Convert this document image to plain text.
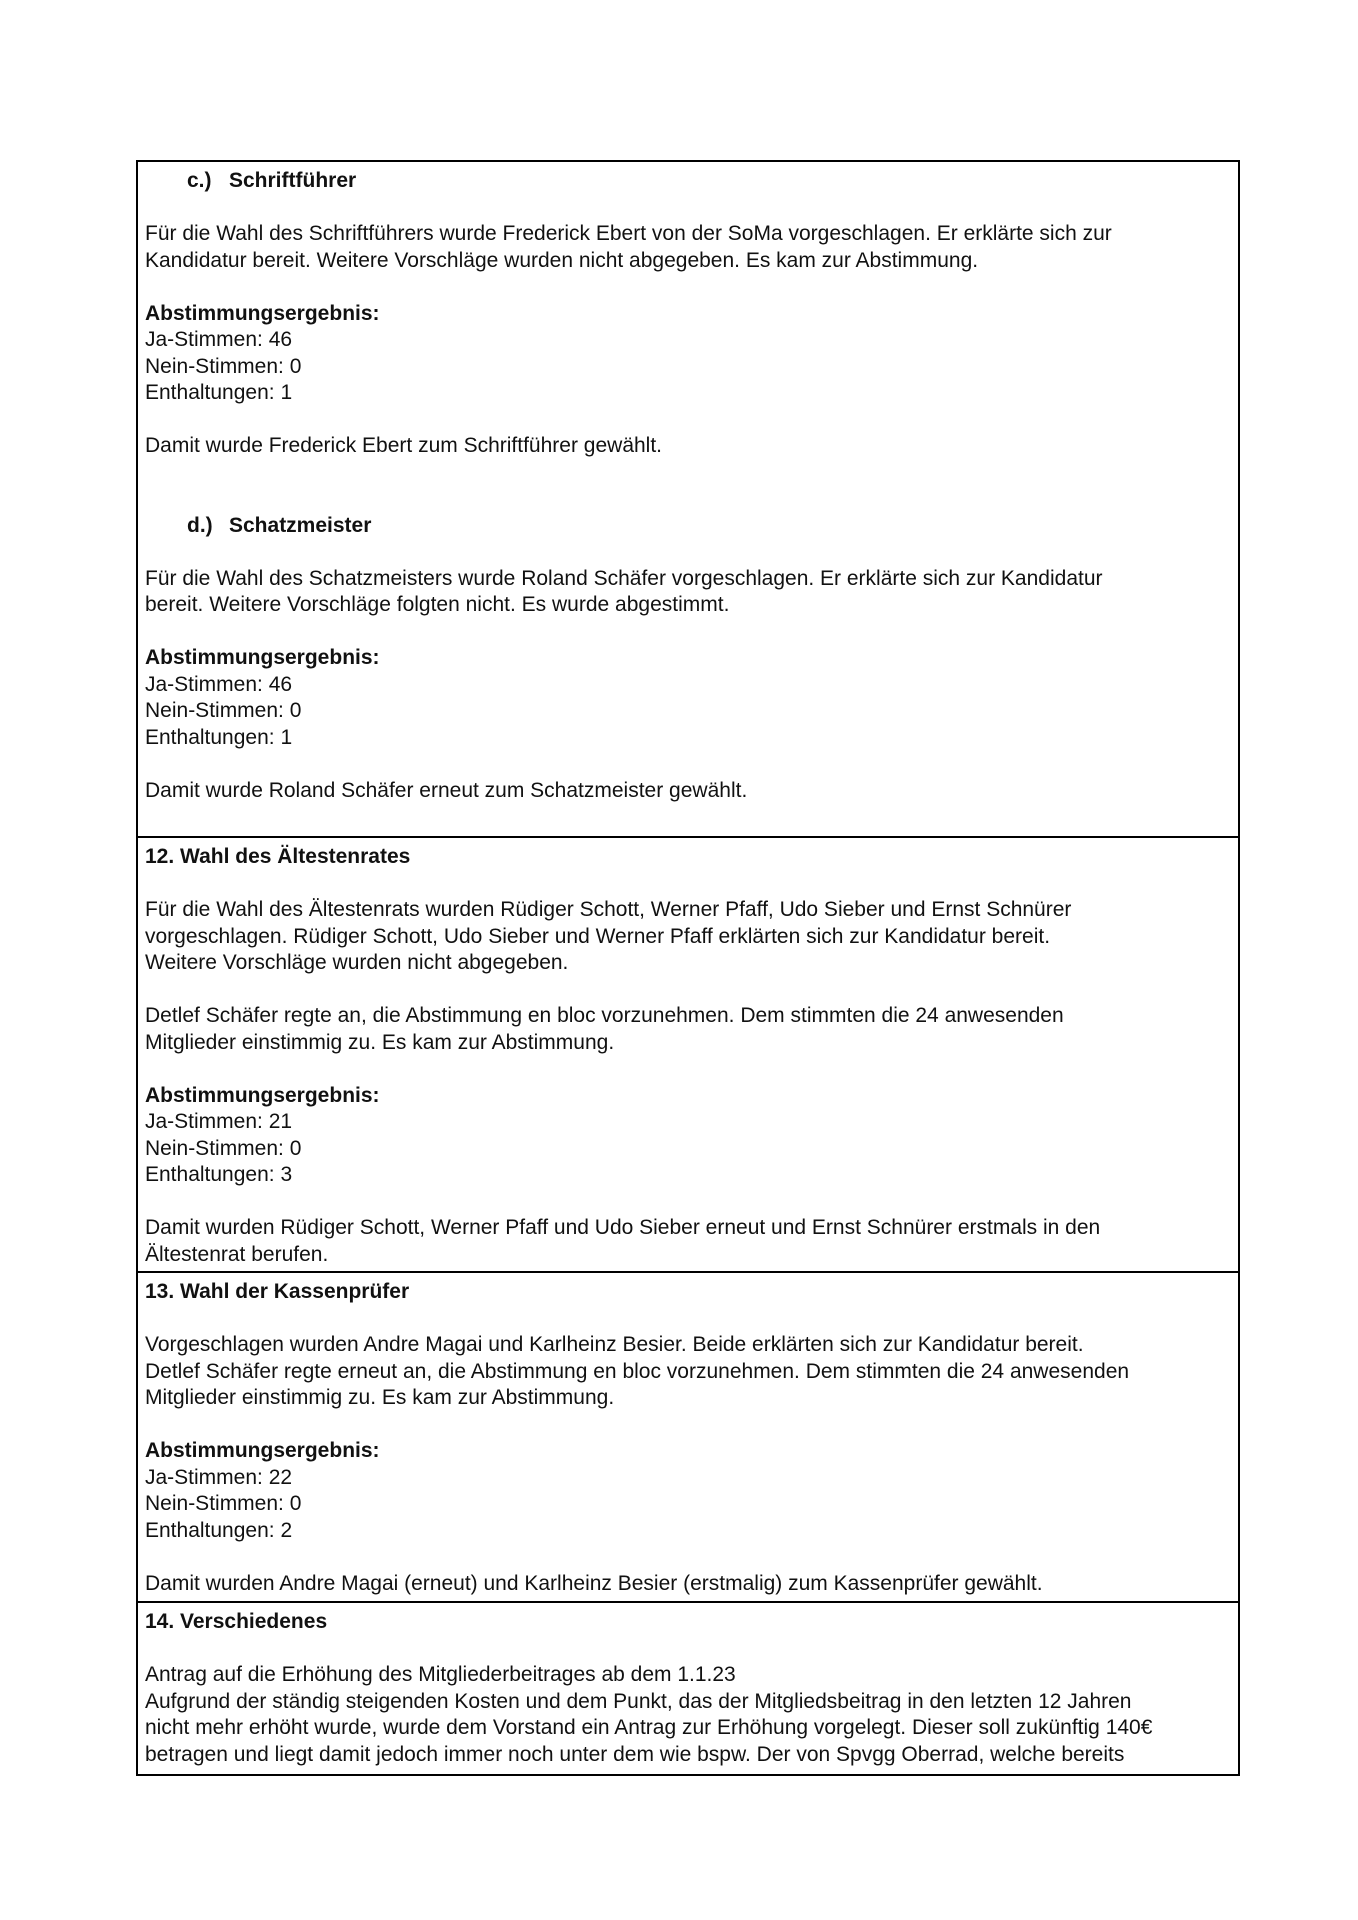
c.) Schriftführer

Für die Wahl des Schriftführers wurde Frederick Ebert von der SoMa vorgeschlagen. Er erklärte sich zur

Kandidatur bereit. Weitere Vorschläge wurden nicht abgegeben. Es kam zur Abstimmung.

Abstimmungsergebnis:

Ja-Stimmen: 46

Nein-Stimmen: 0

Enthaltungen: 1

Damit wurde Frederick Ebert zum Schriftführer gewählt.

d.) Schatzmeister

Für die Wahl des Schatzmeisters wurde Roland Schäfer vorgeschlagen. Er erklärte sich zur Kandidatur

bereit. Weitere Vorschläge folgten nicht. Es wurde abgestimmt.

Abstimmungsergebnis:

Ja-Stimmen: 46

Nein-Stimmen: 0

Enthaltungen: 1

Damit wurde Roland Schäfer erneut zum Schatzmeister gewählt.

12. Wahl des Ältestenrates

Für die Wahl des Ältestenrats wurden Rüdiger Schott, Werner Pfaff, Udo Sieber und Ernst Schnürer

vorgeschlagen. Rüdiger Schott, Udo Sieber und Werner Pfaff erklärten sich zur Kandidatur bereit.

Weitere Vorschläge wurden nicht abgegeben.

Detlef Schäfer regte an, die Abstimmung en bloc vorzunehmen. Dem stimmten die 24 anwesenden

Mitglieder einstimmig zu. Es kam zur Abstimmung.

Abstimmungsergebnis:

Ja-Stimmen: 21

Nein-Stimmen: 0

Enthaltungen: 3

Damit wurden Rüdiger Schott, Werner Pfaff und Udo Sieber erneut und Ernst Schnürer erstmals in den

Ältestenrat berufen.

13. Wahl der Kassenprüfer

Vorgeschlagen wurden Andre Magai und Karlheinz Besier. Beide erklärten sich zur Kandidatur bereit.

Detlef Schäfer regte erneut an, die Abstimmung en bloc vorzunehmen. Dem stimmten die 24 anwesenden

Mitglieder einstimmig zu. Es kam zur Abstimmung.

Abstimmungsergebnis:

Ja-Stimmen: 22

Nein-Stimmen: 0

Enthaltungen: 2

Damit wurden Andre Magai (erneut) und Karlheinz Besier (erstmalig) zum Kassenprüfer gewählt.

14. Verschiedenes

Antrag auf die Erhöhung des Mitgliederbeitrages ab dem 1.1.23

Aufgrund der ständig steigenden Kosten und dem Punkt, das der Mitgliedsbeitrag in den letzten 12 Jahren

nicht mehr erhöht wurde, wurde dem Vorstand ein Antrag zur Erhöhung vorgelegt. Dieser soll zukünftig 140€

betragen und liegt damit jedoch immer noch unter dem wie bspw. Der von Spvgg Oberrad, welche bereits
